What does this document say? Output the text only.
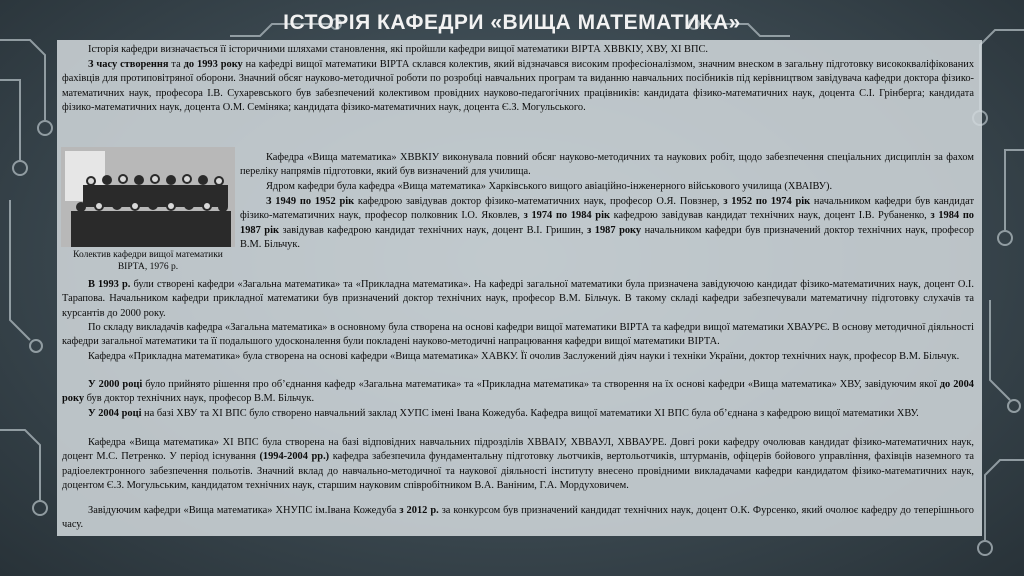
ІСТОРІЯ КАФЕДРИ «ВИЩА МАТЕМАТИКА»

Історія кафедри визначається її історичними шляхами становлення, які пройшли кафедри вищої математики ВІРТА ХВВКІУ, ХВУ, ХІ ВПС.

З часу створення та до 1993 року на кафедрі вищої математики ВІРТА склався колектив, який відзначався високим професіоналізмом, значним внеском в загальну підготовку висококваліфікованих фахівців для протиповітряної оборони. Значний обсяг науково-методичної роботи по розробці навчальних програм та виданню навчальних посібників під керівництвом завідувача кафедри доктора фізико-математичних наук, професора І.В. Сухаревського був забезпечений колективом провідних науково-педагогічних працівників: кандидата фізико-математичних наук, доцента С.І. Грінберга; кандидата фізико-математичних наук, доцента О.М. Семіняка; кандидата фізико-математичних наук, доцента Є.З. Могульського.

Колектив кафедри вищої математики ВІРТА, 1976 р.

Кафедра «Вища математика» ХВВКІУ виконувала повний обсяг науково-методичних та наукових робіт, щодо забезпечення спеціальних дисциплін за фахом переліку напрямів підготовки, який був визначений для училища.

Ядром кафедри була кафедра «Вища математика» Харківського вищого авіаційно-інженерного військового училища (ХВАІВУ).

З 1949 по 1952 рік кафедрою завідував доктор фізико-математичних наук, професор О.Я. Повзнер, з 1952 по 1974 рік начальником кафедри був кандидат фізико-математичних наук, професор полковник І.О. Яковлев, з 1974 по 1984 рік кафедрою завідував кандидат технічних наук, доцент І.В. Рубаненко, з 1984 по 1987 рік завідував кафедрою кандидат технічних наук, доцент В.І. Гришин, з 1987 року начальником кафедри був призначений доктор технічних наук, професор В.М. Більчук.

В 1993 р. були створені кафедри «Загальна математика» та «Прикладна математика». На кафедрі загальної математики була призначена завідуючою кандидат фізико-математичних наук, доцент О.І. Тарапова. Начальником кафедри прикладної математики був призначений доктор технічних наук, професор В.М. Більчук. В такому складі кафедри забезпечували математичну підготовку слухачів та курсантів до 2000 року.

По складу викладачів кафедра «Загальна математика» в основному була створена на основі кафедри вищої математики ВІРТА та кафедри вищої математики ХВАУРЄ. В основу методичної діяльності кафедри загальної математики та її подальшого удосконалення були покладені науково-методичні напрацювання кафедри вищої математики ВІРТА.

Кафедра «Прикладна математика» була створена на основі кафедри «Вища математика» ХАВКУ. Її очолив Заслужений діяч науки і техніки України, доктор технічних наук, професор В.М. Більчук.

У 2000 році було прийнято рішення про об’єднання кафедр «Загальна математика» та «Прикладна математика» та створення на їх основі кафедри «Вища математика» ХВУ, завідуючим якої до 2004 року був доктор технічних наук, професор В.М. Більчук.

У 2004 році на базі ХВУ та ХІ ВПС було створено навчальний заклад ХУПС імені Івана Кожедуба. Кафедра вищої математики ХІ ВПС була об’єднана з кафедрою вищої математики ХВУ.

Кафедра «Вища математика» ХІ ВПС була створена на базі відповідних навчальних підрозділів ХВВАІУ, ХВВАУЛ, ХВВАУРЕ. Довгі роки кафедру очолював кандидат фізико-математичних наук, доцент М.С. Петренко. У період існування (1994-2004 рр.) кафедра забезпечила фундаментальну підготовку льотчиків, вертольотчиків, штурманів, офіцерів бойового управління, фахівців наземного та радіоелектронного забезпечення польотів. Значний вклад до навчально-методичної та наукової діяльності інституту внесено провідними викладачами кафедри кандидатом фізико-математичних наук, доцентом Є.З. Могульським, кандидатом технічних наук, старшим науковим співробітником В.А. Ваніним, Г.А. Мордуховичем.

Завідуючим кафедри «Вища математика» ХНУПС ім.Івана Кожедуба з 2012 р. за конкурсом був призначений кандидат технічних наук, доцент О.К. Фурсенко, який очолює кафедру до теперішнього часу.
